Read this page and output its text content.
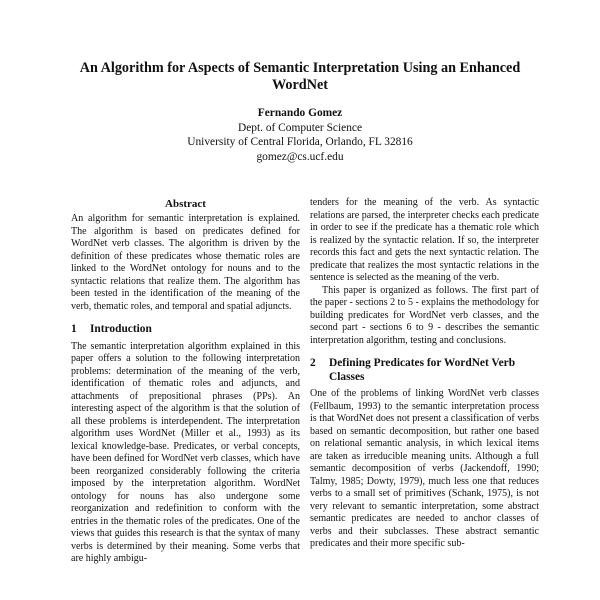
An Algorithm for Aspects of Semantic Interpretation Using an Enhanced WordNet
Fernando Gomez
Dept. of Computer Science
University of Central Florida, Orlando, FL 32816
gomez@cs.ucf.edu
Abstract

An algorithm for semantic interpretation is explained. The algorithm is based on predicates defined for WordNet verb classes. The algorithm is driven by the definition of these predicates whose thematic roles are linked to the WordNet ontology for nouns and to the syntactic relations that realize them. The algorithm has been tested in the identification of the meaning of the verb, thematic roles, and temporal and spatial adjuncts.

1	Introduction

The semantic interpretation algorithm explained in this paper offers a solution to the following interpretation problems: determination of the meaning of the verb, identification of thematic roles and adjuncts, and attachments of prepositional phrases (PPs). An interesting aspect of the algorithm is that the solution of all these problems is interdependent. The interpretation algorithm uses WordNet (Miller et al., 1993) as its lexical knowledge-base. Predicates, or verbal concepts, have been defined for WordNet verb classes, which have been reorganized considerably following the criteria imposed by the interpretation algorithm. WordNet ontology for nouns has also undergone some reorganization and redefinition to conform with the entries in the thematic roles of the predicates. One of the views that guides this research is that the syntax of many verbs is determined by their meaning. Some verbs that are highly ambigu-

tenders for the meaning of the verb. As syntactic relations are parsed, the interpreter checks each predicate in order to see if the predicate has a thematic role which is realized by the syntactic relation. If so, the interpreter records this fact and gets the next syntactic relation. The predicate that realizes the most syntactic relations in the sentence is selected as the meaning of the verb.

This paper is organized as follows. The first part of the paper - sections 2 to 5 - explains the methodology for building predicates for WordNet verb classes, and the second part - sections 6 to 9 - describes the semantic interpretation algorithm, testing and conclusions.

2	Defining Predicates for WordNet Verb Classes

One of the problems of linking WordNet verb classes (Fellbaum, 1993) to the semantic interpretation process is that WordNet does not present a classification of verbs based on semantic decomposition, but rather one based on relational semantic analysis, in which lexical items are taken as irreducible meaning units. Although a full semantic decomposition of verbs (Jackendoff, 1990; Talmy, 1985; Dowty, 1979), much less one that reduces verbs to a small set of primitives (Schank, 1975), is not very relevant to semantic interpretation, some abstract semantic predicates are needed to anchor classes of verbs and their subclasses. These abstract semantic predicates and their more specific sub-
